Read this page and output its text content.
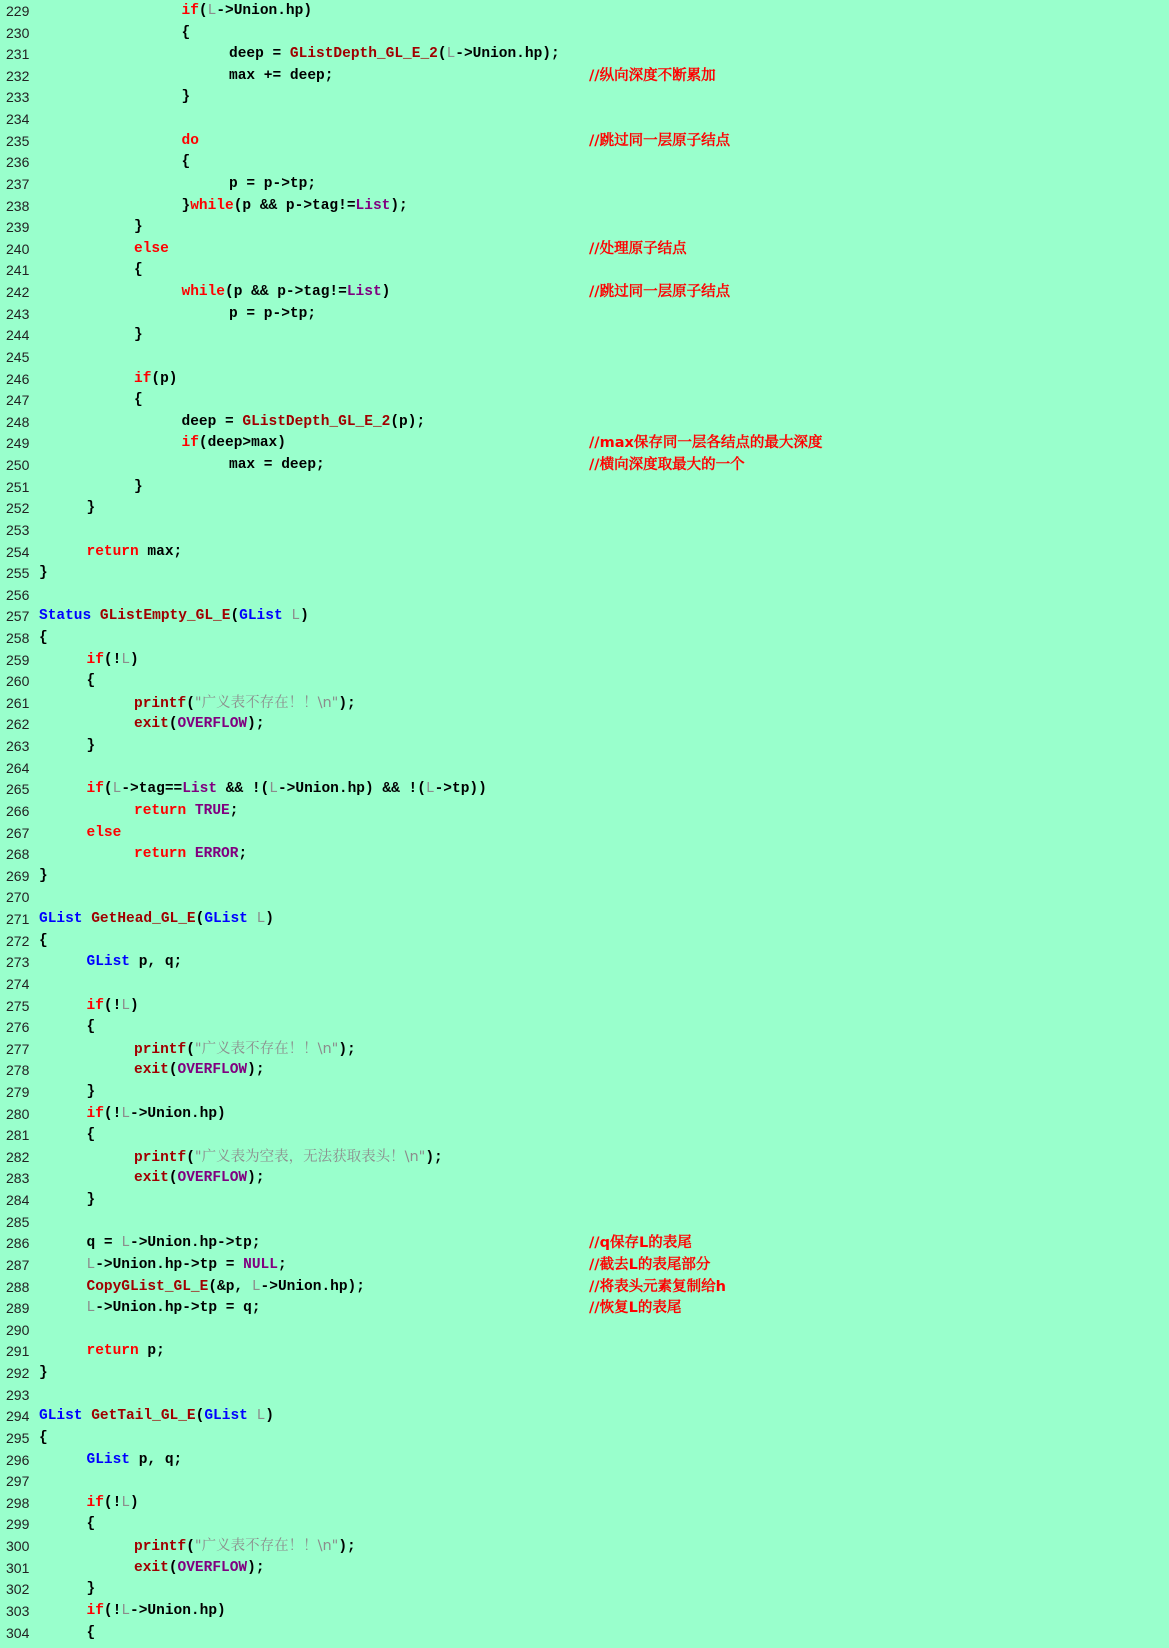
229	if(L->Union.hp)
230	{
231	deep = GListDepth_GL_E_2(L->Union.hp);
232	max += deep;	//纵向深度不断累加
233	}
234
235	do	//跳过同一层原子结点
236	{
237	p = p->tp;
238	}while(p && p->tag!=List);
239	}
240	else	//处理原子结点
241	{
242	while(p && p->tag!=List)	//跳过同一层原子结点
243	p = p->tp;
244	}
245
246	if(p)
247	{
248	deep = GListDepth_GL_E_2(p);
249	if(deep>max)	//max保存同一层各结点的最大深度
250	max = deep;	//横向深度取最大的一个
251	}
252	}
253
254	return max;
255 }
256
257 Status GListEmpty_GL_E(GList L)
258 {
259	if(!L)
260	{
261	printf("广义表不存在！！\n");
262	exit(OVERFLOW);
263	}
264
265	if(L->tag==List && !(L->Union.hp) && !(L->tp))
266	return TRUE;
267	else
268	return ERROR;
269 }
270
271 GList GetHead_GL_E(GList L)
272 {
273	GList p, q;
274
275	if(!L)
276	{
277	printf("广义表不存在！！\n");
278	exit(OVERFLOW);
279	}
280	if(!L->Union.hp)
281	{
282	printf("广义表为空表，无法获取表头！\n");
283	exit(OVERFLOW);
284	}
285
286	q = L->Union.hp->tp;	//q保存L的表尾
287	L->Union.hp->tp = NULL;	//截去L的表尾部分
288	CopyGList_GL_E(&p, L->Union.hp);	//将表头元素复制给h
289	L->Union.hp->tp = q;	//恢复L的表尾
290
291	return p;
292 }
293
294 GList GetTail_GL_E(GList L)
295 {
296	GList p, q;
297
298	if(!L)
299	{
300	printf("广义表不存在！！\n");
301	exit(OVERFLOW);
302	}
303	if(!L->Union.hp)
304	{
